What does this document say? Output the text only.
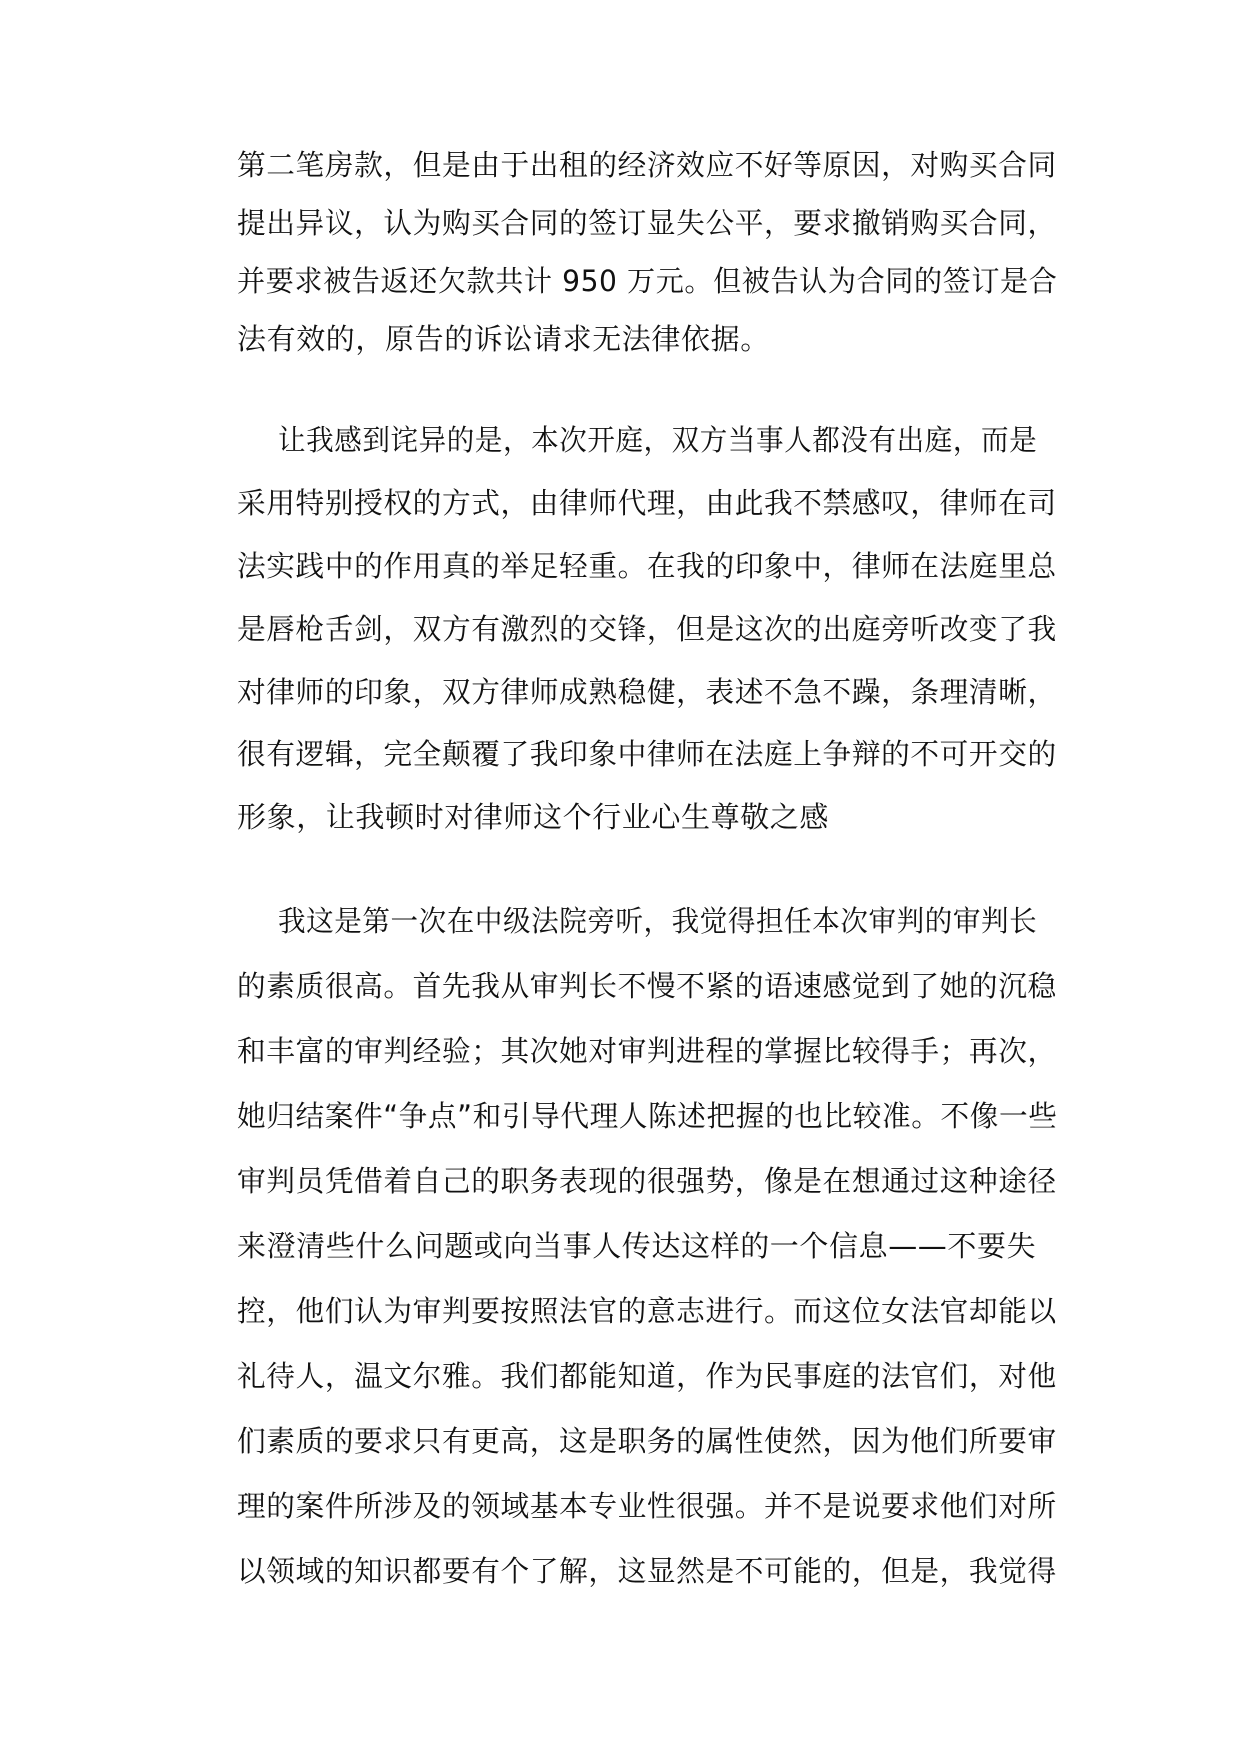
第二笔房款，但是由于出租的经济效应不好等原因，对购买合同
提出异议，认为购买合同的签订显失公平，要求撤销购买合同，
并要求被告返还欠款共计 950 万元。但被告认为合同的签订是合
法有效的，原告的诉讼请求无法律依据。
让我感到诧异的是，本次开庭，双方当事人都没有出庭，而是
采用特别授权的方式，由律师代理，由此我不禁感叹，律师在司
法实践中的作用真的举足轻重。在我的印象中，律师在法庭里总
是唇枪舌剑，双方有激烈的交锋，但是这次的出庭旁听改变了我
对律师的印象，双方律师成熟稳健，表述不急不躁，条理清晰，
很有逻辑，完全颠覆了我印象中律师在法庭上争辩的不可开交的
形象，让我顿时对律师这个行业心生尊敬之感
我这是第一次在中级法院旁听，我觉得担任本次审判的审判长
的素质很高。首先我从审判长不慢不紧的语速感觉到了她的沉稳
和丰富的审判经验；其次她对审判进程的掌握比较得手；再次，
她归结案件“争点”和引导代理人陈述把握的也比较准。不像一些
审判员凭借着自己的职务表现的很强势，像是在想通过这种途径
来澄清些什么问题或向当事人传达这样的一个信息——不要失
控，他们认为审判要按照法官的意志进行。而这位女法官却能以
礼待人，温文尔雅。我们都能知道，作为民事庭的法官们，对他
们素质的要求只有更高，这是职务的属性使然，因为他们所要审
理的案件所涉及的领域基本专业性很强。并不是说要求他们对所
以领域的知识都要有个了解，这显然是不可能的，但是，我觉得
